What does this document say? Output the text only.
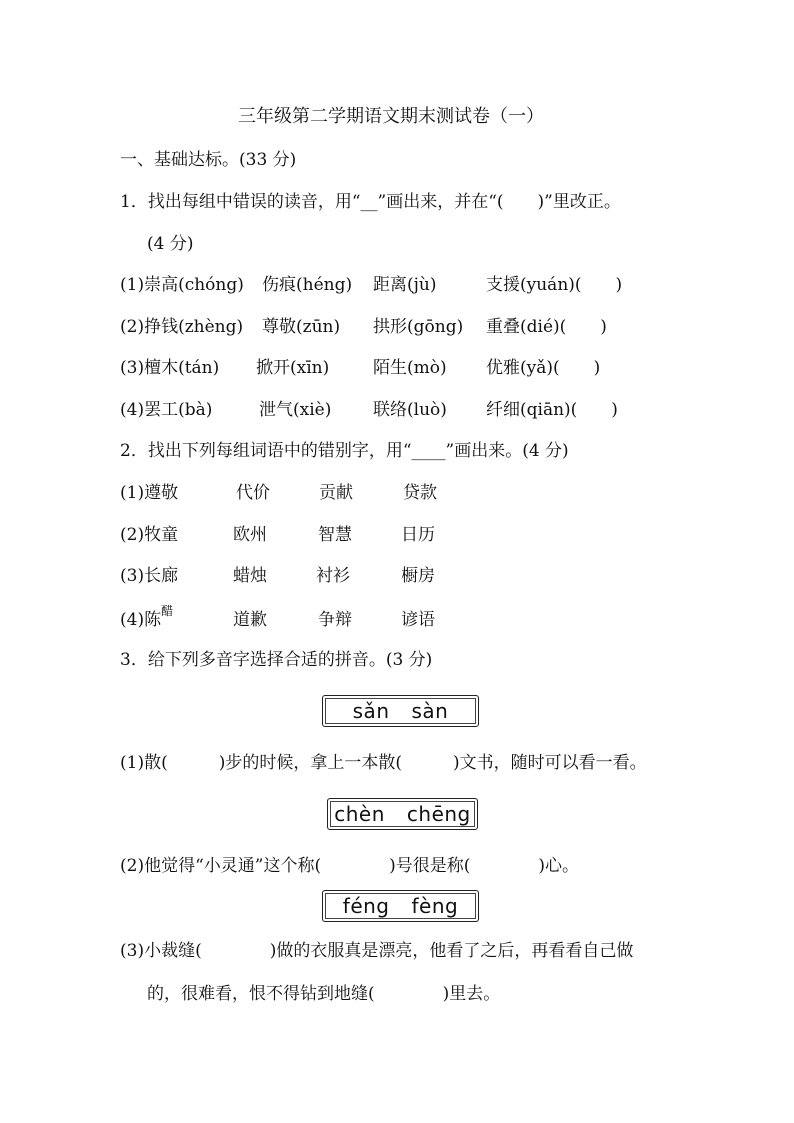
三年级第二学期语文期末测试卷（一）
一、基础达标。(33 分)
1．找出每组中错误的读音，用“__”画出来，并在“(　　)”里改正。
(4 分)
(1)崇高(chóng) 伤痕(héng) 距离(jù)	支援(yuán)(　　)
(2)挣钱(zhèng) 尊敬(zūn) 拱形(gōng) 重叠(dié)(　　)
(3)檀木(tán) 掀开(xīn)	陌生(mò) 优雅(yǎ)(　　)
(4)罢工(bà)	泄气(xiè) 联络(luò) 纤细(qiān)(　　)
2．找出下列每组词语中的错别字，用“____”画出来。(4 分)
(1)遵敬	代价	贡献	贷款
(2)牧童	欧州	智慧	日历
(3)长廊	蜡烛	衬衫	橱房
(4)陈$^醋$	道歉	争辩	谚语
3．给下列多音字选择合适的拼音。(3 分)
sǎn sàn
(1)散(　　　)步的时候，拿上一本散(　　　)文书，随时可以看一看。
chèn chēng
(2)他觉得“小灵通”这个称(　　　　)号很是称(　　　　)心。
féng fèng
(3)小裁缝(　　　　)做的衣服真是漂亮，他看了之后，再看看自己做
的，很难看，恨不得钻到地缝(　　　　)里去。
